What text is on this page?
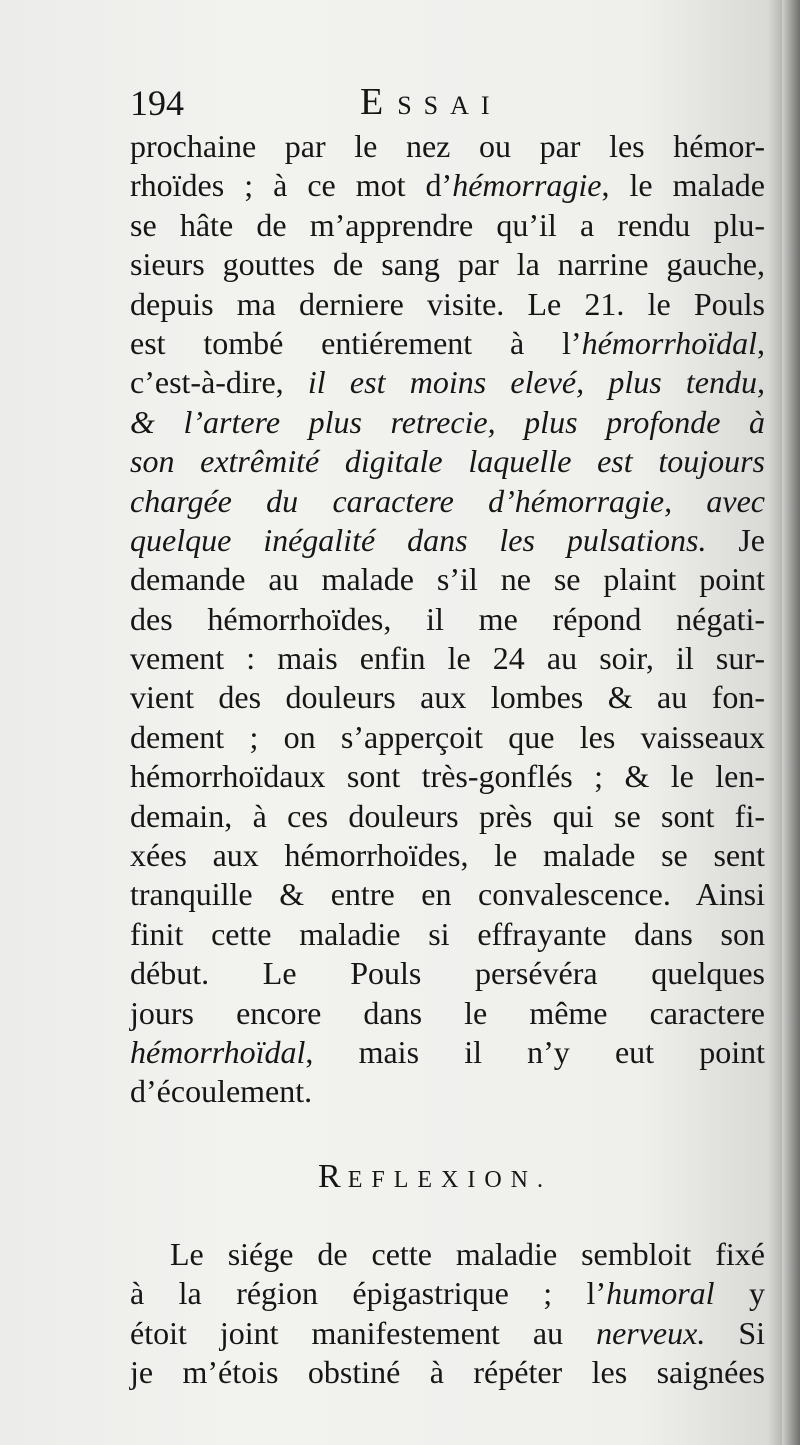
194	ESSAI
prochaine par le nez ou par les hémor-
rhoïdes ; à ce mot d’hémorragie, le malade
se hâte de m’apprendre qu’il a rendu plu-
sieurs gouttes de sang par la narrine gauche,
depuis ma derniere visite. Le 21. le Pouls
est tombé entiérement à l’hémorrhoïdal,
c’est-à-dire, il est moins elevé, plus tendu,
& l’artere plus retrecie, plus profonde à
son extrêmité digitale laquelle est toujours
chargée du caractere d’hémorragie, avec
quelque inégalité dans les pulsations. Je
demande au malade s’il ne se plaint point
des hémorrhoïdes, il me répond négati-
vement : mais enfin le 24 au soir, il sur-
vient des douleurs aux lombes & au fon-
dement ; on s’apperçoit que les vaisseaux
hémorrhoïdaux sont très-gonflés ; & le len-
demain, à ces douleurs près qui se sont fi-
xées aux hémorrhoïdes, le malade se sent
tranquille & entre en convalescence. Ainsi
finit cette maladie si effrayante dans son
début. Le Pouls persévéra quelques
jours encore dans le même caractere
hémorrhoïdal, mais il n’y eut point
d’écoulement.
REFLEXION.
Le siége de cette maladie sembloit fixé
à la région épigastrique ; l’humoral y
étoit joint manifestement au nerveux. Si
je m’étois obstiné à répéter les saignées
